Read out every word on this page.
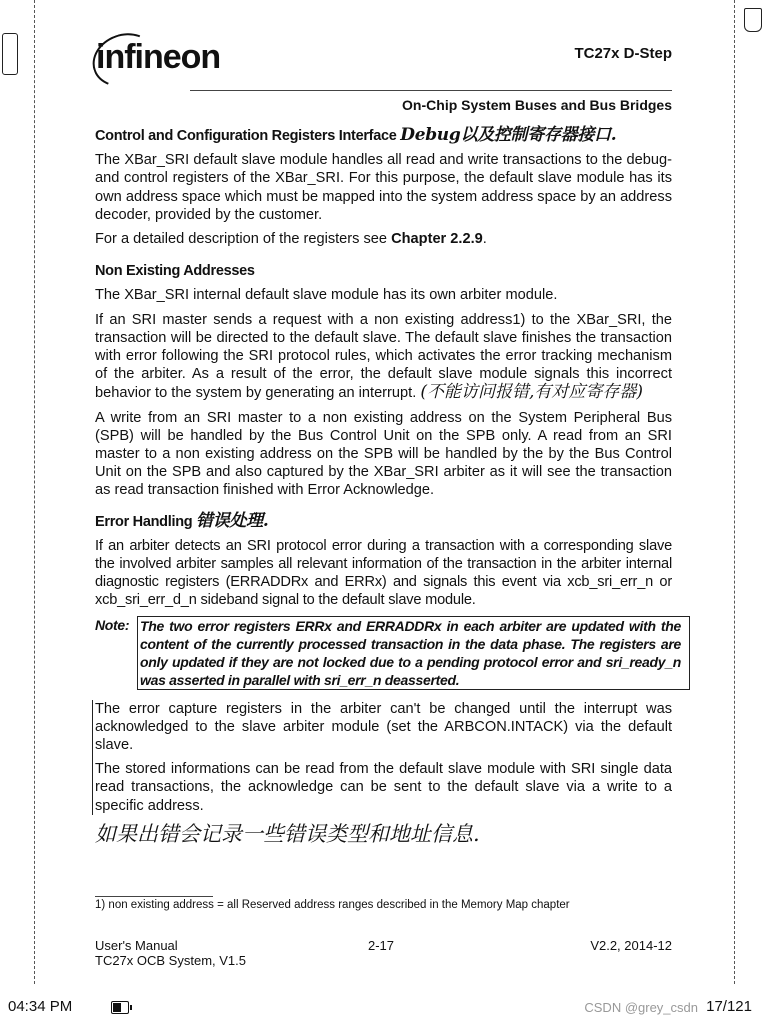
infineon	TC27x D-Step
On-Chip System Buses and Bus Bridges
Control and Configuration Registers Interface Debug以及控制寄存器接口.

The XBar_SRI default slave module handles all read and write transactions to the debug- and control registers of the XBar_SRI. For this purpose, the default slave module has its own address space which must be mapped into the system address space by an address decoder, provided by the customer.

For a detailed description of the registers see Chapter 2.2.9.

Non Existing Addresses

The XBar_SRI internal default slave module has its own arbiter module.

If an SRI master sends a request with a non existing address1) to the XBar_SRI, the transaction will be directed to the default slave. The default slave finishes the transaction with error following the SRI protocol rules, which activates the error tracking mechanism of the arbiter. As a result of the error, the default slave module signals this incorrect behavior to the system by generating an interrupt. (不能访问报错,有对应寄存器)

A write from an SRI master to a non existing address on the System Peripheral Bus (SPB) will be handled by the Bus Control Unit on the SPB only. A read from an SRI master to a non existing address on the SPB will be handled by the by the Bus Control Unit on the SPB and also captured by the XBar_SRI arbiter as it will see the transaction as read transaction finished with Error Acknowledge.

Error Handling 错误处理.

If an arbiter detects an SRI protocol error during a transaction with a corresponding slave the involved arbiter samples all relevant information of the transaction in the arbiter internal diagnostic registers (ERRADDRx and ERRx) and signals this event via xcb_sri_err_n or xcb_sri_err_d_n sideband signal to the default slave module.

Note: The two error registers ERRx and ERRADDRx in each arbiter are updated with the content of the currently processed transaction in the data phase. The registers are only updated if they are not locked due to a pending protocol error and sri_ready_n was asserted in parallel with sri_err_n deasserted.

The error capture registers in the arbiter can't be changed until the interrupt was acknowledged to the slave arbiter module (set the ARBCON.INTACK) via the default slave.

The stored informations can be read from the default slave module with SRI single data read transactions, the acknowledge can be sent to the default slave via a write to a specific address.

如果出错会记录一些错误类型和地址信息.
1) non existing address = all Reserved address ranges described in the Memory Map chapter
User's Manual
TC27x OCB System, V1.5
2-17	V2.2, 2014-12
04:34 PM	CSDN @grey_csdn 17/121
